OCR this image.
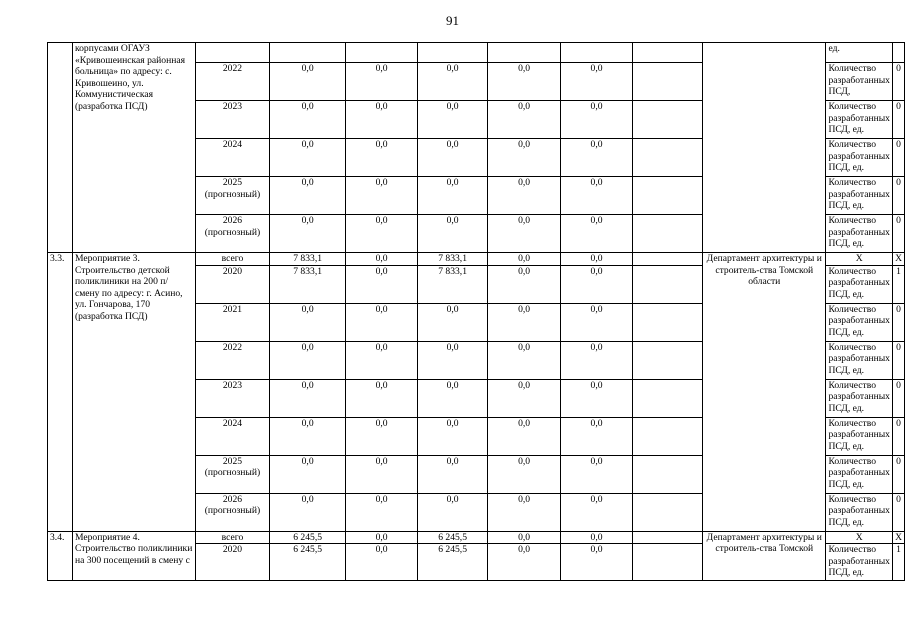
91
	корпусами ОГАУЗ «Кривошеинская районная больница» по адресу: с. Кривошеино, ул. Коммунистическая (разработка ПСД)									ед.	
		2022	0,0	0,0	0,0	0,0	0,0			Количество разработанных ПСД,	0
		2023	0,0	0,0	0,0	0,0	0,0			Количество разработанных ПСД, ед.	0
		2024	0,0	0,0	0,0	0,0	0,0			Количество разработанных ПСД, ед.	0
		2025 (прогнозный)	0,0	0,0	0,0	0,0	0,0			Количество разработанных ПСД, ед.	0
		2026 (прогнозный)	0,0	0,0	0,0	0,0	0,0			Количество разработанных ПСД, ед.	0
3.3.	Мероприятие 3. Строительство детской поликлиники на 200 п/смену по адресу: г. Асино, ул. Гончарова, 170 (разработка ПСД)	всего	7 833,1	0,0	7 833,1	0,0	0,0		Департамент архитектуры и строитель-ства Томской области	Х	Х
		2020	7 833,1	0,0	7 833,1	0,0	0,0			Количество разработанных ПСД, ед.	1
		2021	0,0	0,0	0,0	0,0	0,0			Количество разработанных ПСД, ед.	0
		2022	0,0	0,0	0,0	0,0	0,0			Количество разработанных ПСД, ед.	0
		2023	0,0	0,0	0,0	0,0	0,0			Количество разработанных ПСД, ед.	0
		2024	0,0	0,0	0,0	0,0	0,0			Количество разработанных ПСД, ед.	0
		2025 (прогнозный)	0,0	0,0	0,0	0,0	0,0			Количество разработанных ПСД, ед.	0
		2026 (прогнозный)	0,0	0,0	0,0	0,0	0,0			Количество разработанных ПСД, ед.	0
3.4.	Мероприятие 4. Строительство поликлиники на 300 посещений в смену с	всего	6 245,5	0,0	6 245,5	0,0	0,0		Департамент архитектуры и строитель-ства Томской	Х	Х
		2020	6 245,5	0,0	6 245,5	0,0	0,0			Количество разработанных ПСД, ед.	1
